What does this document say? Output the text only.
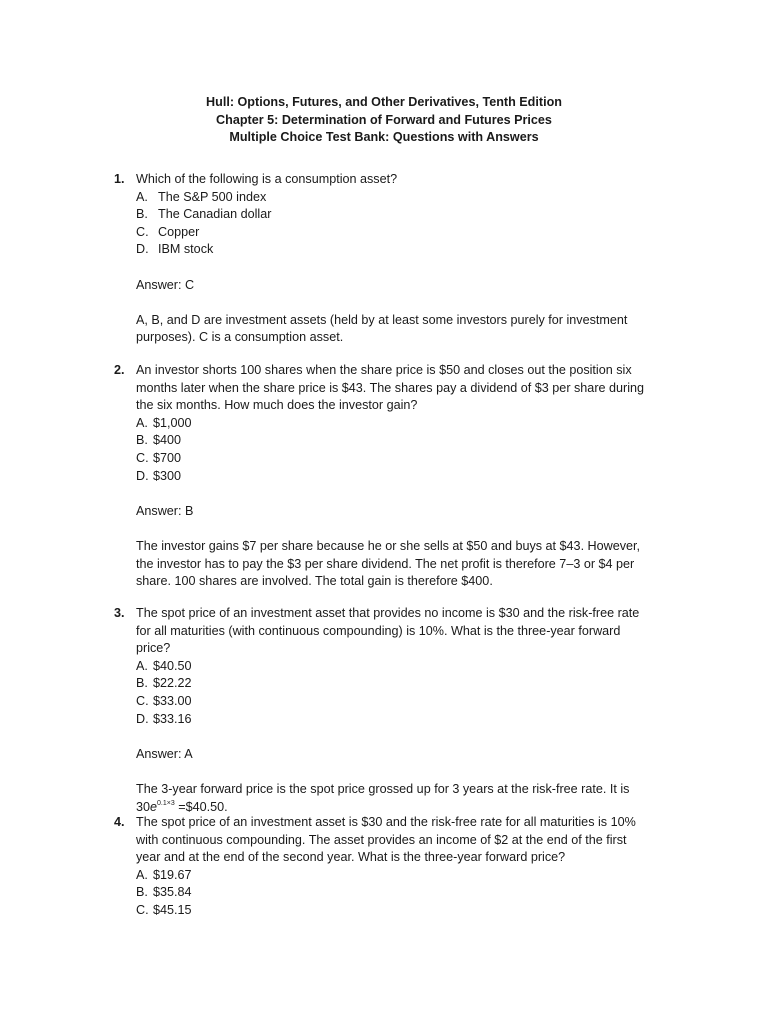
Hull: Options, Futures, and Other Derivatives, Tenth Edition
Chapter 5: Determination of Forward and Futures Prices
Multiple Choice Test Bank: Questions with Answers
1. Which of the following is a consumption asset?
A. The S&P 500 index
B. The Canadian dollar
C. Copper
D. IBM stock
Answer: C
A, B, and D are investment assets (held by at least some investors purely for investment purposes). C is a consumption asset.
2. An investor shorts 100 shares when the share price is $50 and closes out the position six months later when the share price is $43. The shares pay a dividend of $3 per share during the six months. How much does the investor gain?
A. $1,000
B. $400
C. $700
D. $300
Answer: B
The investor gains $7 per share because he or she sells at $50 and buys at $43. However, the investor has to pay the $3 per share dividend. The net profit is therefore 7–3 or $4 per share. 100 shares are involved. The total gain is therefore $400.
3. The spot price of an investment asset that provides no income is $30 and the risk-free rate for all maturities (with continuous compounding) is 10%. What is the three-year forward price?
A. $40.50
B. $22.22
C. $33.00
D. $33.16
Answer: A
The 3-year forward price is the spot price grossed up for 3 years at the risk-free rate. It is $30e^{0.1\times 3}$ =$40.50.
4. The spot price of an investment asset is $30 and the risk-free rate for all maturities is 10% with continuous compounding. The asset provides an income of $2 at the end of the first year and at the end of the second year. What is the three-year forward price?
A. $19.67
B. $35.84
C. $45.15
